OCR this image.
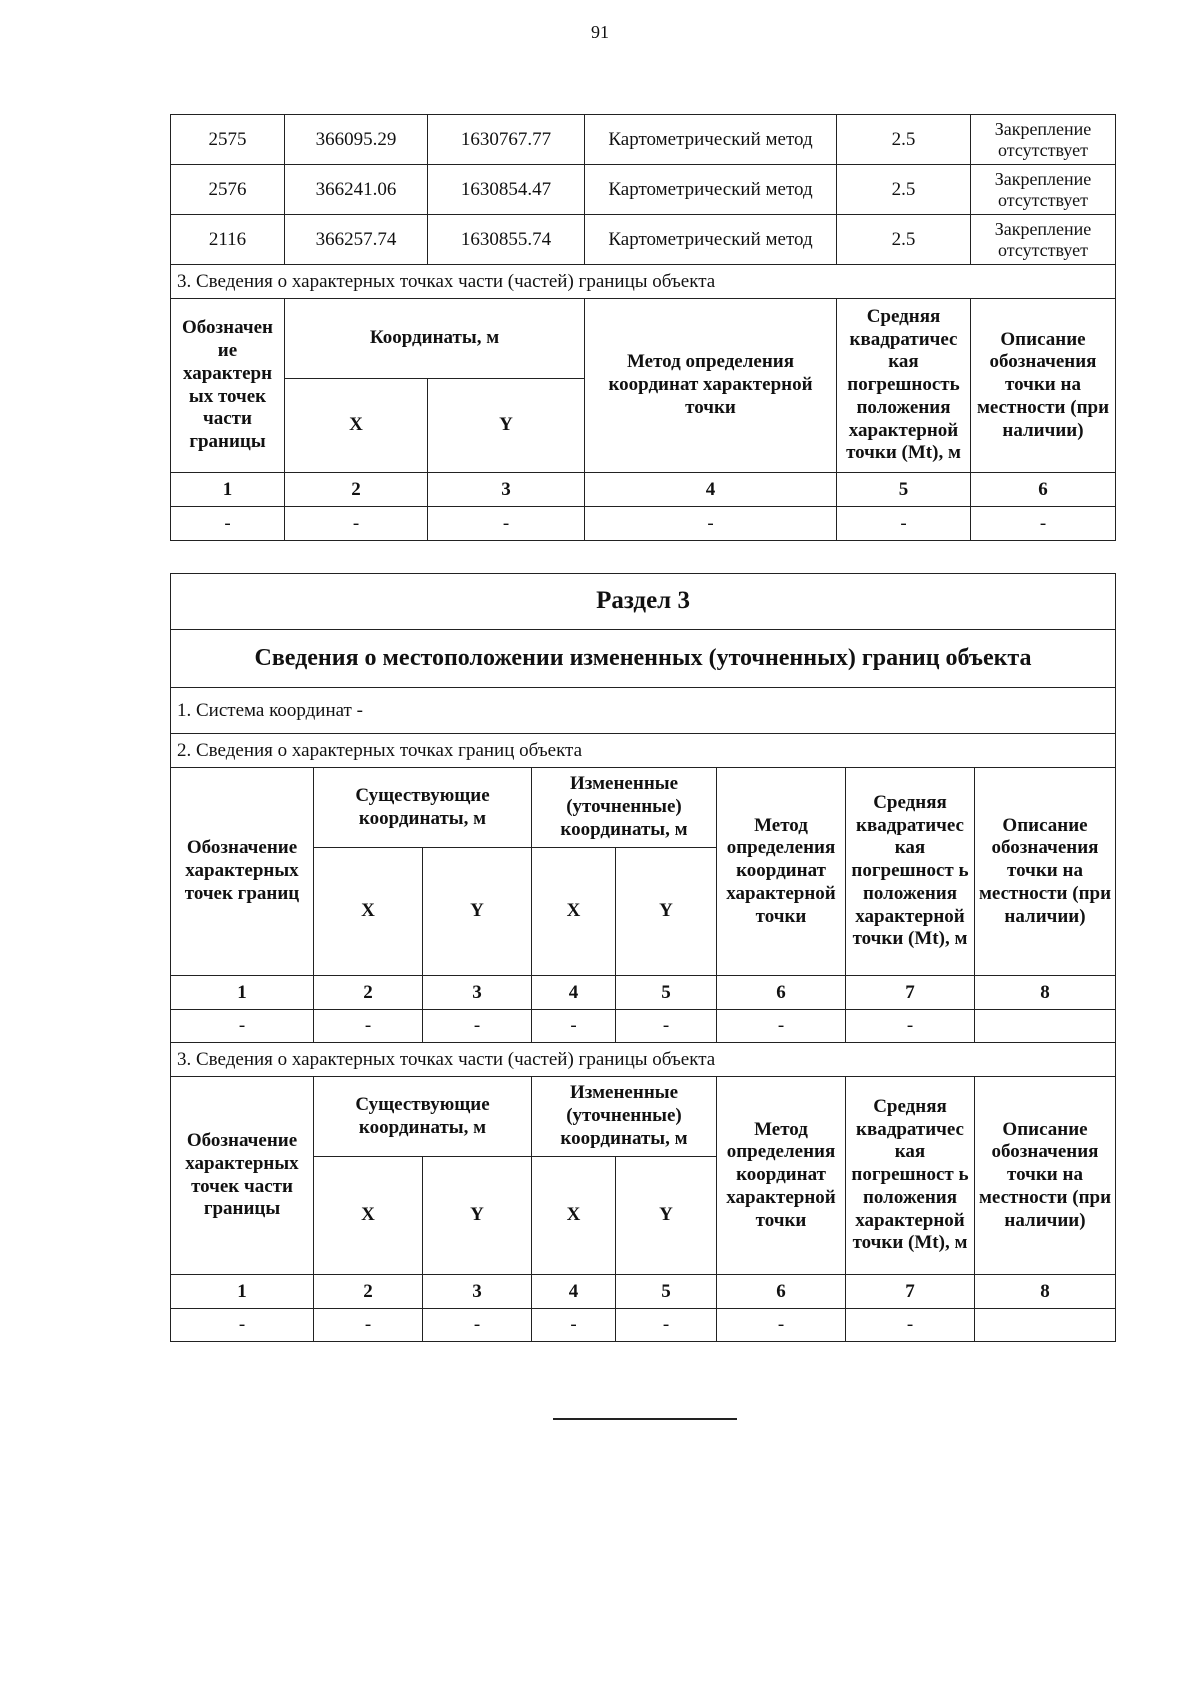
91
2575	366095.29	1630767.77	Картометрический метод	2.5	Закрепление отсутствует
2576	366241.06	1630854.47	Картометрический метод	2.5	Закрепление отсутствует
2116	366257.74	1630855.74	Картометрический метод	2.5	Закрепление отсутствует
3. Сведения о характерных точках части (частей) границы объекта					
Обозначен ие характерн ых точек части границы	Координаты, м		Метод определения координат характерной точки	Средняя квадратичес кая погрешность положения характерной точки (Mt), м	Описание обозначения точки на местности (при наличии)
	X	Y			
1	2	3	4	5	6
-	-	-	-	-	-
Раздел 3							
Сведения о местоположении измененных (уточненных) границ объекта							
1. Система координат -							
2. Сведения о характерных точках границ объекта							
Обозначение характерных точек границ	Существующие координаты, м		Измененные (уточненные) координаты, м		Метод определения координат характерной точки	Средняя квадратичес кая погрешност ь положения характерной точки (Mt), м	Описание обозначения точки на местности (при наличии)
	X	Y	X	Y			
1	2	3	4	5	6	7	8
-	-	-	-	-	-	-	
3. Сведения о характерных точках части (частей) границы объекта							
Обозначение характерных точек части границы	Существующие координаты, м		Измененные (уточненные) координаты, м		Метод определения координат характерной точки	Средняя квадратичес кая погрешност ь положения характерной точки (Mt), м	Описание обозначения точки на местности (при наличии)
	X	Y	X	Y			
1	2	3	4	5	6	7	8
-	-	-	-	-	-	-	
